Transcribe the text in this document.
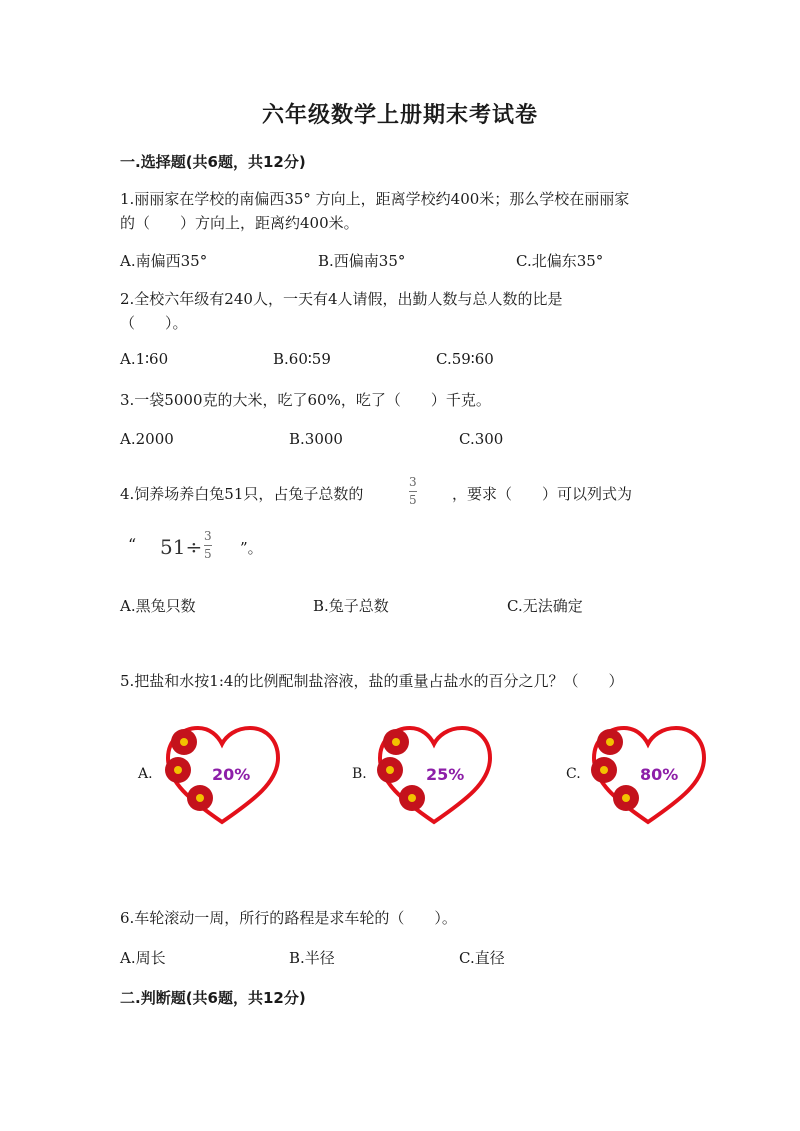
六年级数学上册期末考试卷
一.选择题(共6题，共12分)
1.丽丽家在学校的南偏西35° 方向上，距离学校约400米；那么学校在丽丽家
的（　　）方向上，距离约400米。
A.南偏西35°	B.西偏南35°	C.北偏东35°
2.全校六年级有240人，一天有4人请假，出勤人数与总人数的比是
（　　）。
A.1∶60	B.60∶59	C.59∶60
3.一袋5000克的大米，吃了60%，吃了（　　）千克。
A.2000	B.3000	C.300
4.饲养场养白兔51只，占兔子总数的
3
5 ，要求（　　）可以列式为
“ 51÷ 3
5 ”。
A.黑兔只数	B.兔子总数	C.无法确定
5.把盐和水按1:4的比例配制盐溶液，盐的重量占盐水的百分之几？（　　）
A.	B.	C.
20%	25%	80%
6.车轮滚动一周，所行的路程是求车轮的（　　）。
A.周长	B.半径	C.直径
二.判断题(共6题，共12分)
